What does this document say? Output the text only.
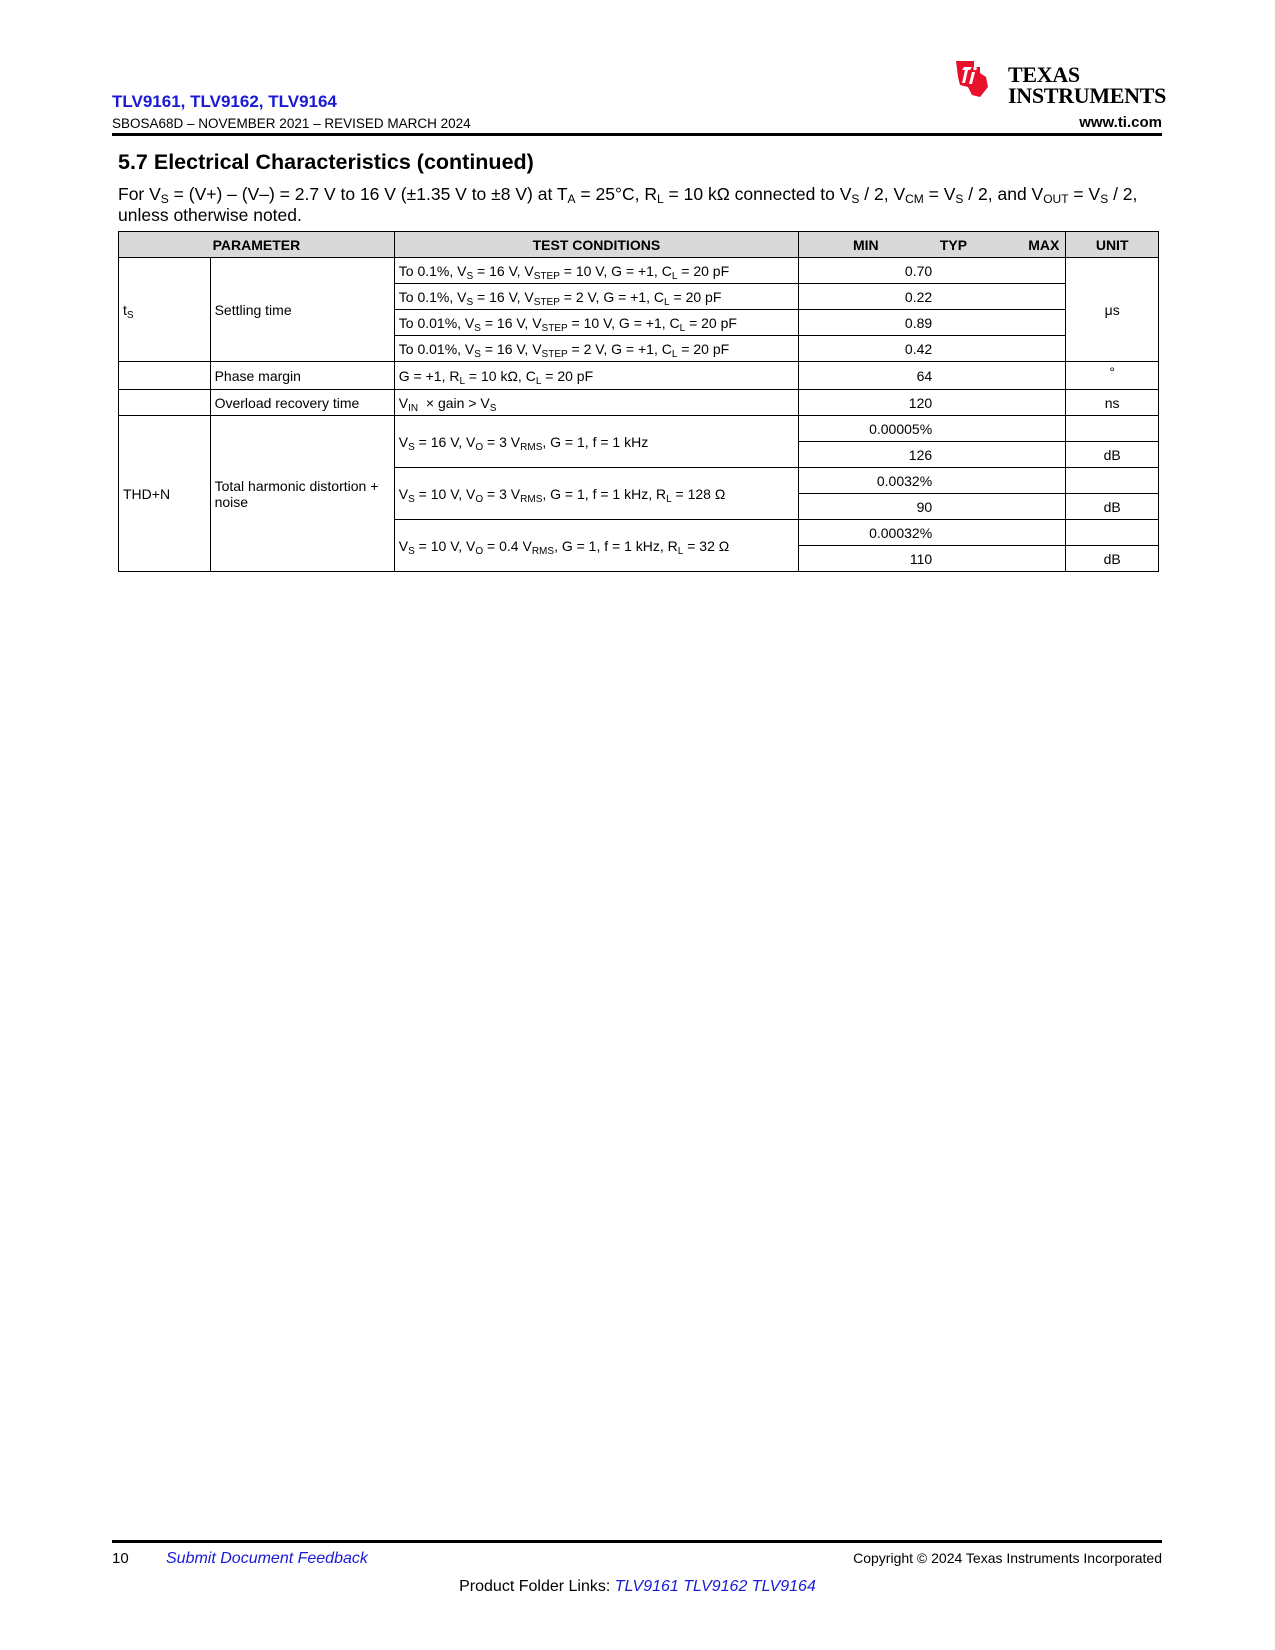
TLV9161, TLV9162, TLV9164
SBOSA68D – NOVEMBER 2021 – REVISED MARCH 2024	www.ti.com
TEXAS
INSTRUMENTS
5.7 Electrical Characteristics (continued)
For $V_S = (V+) - (V-) = 2.7$ V to 16 V (±1.35 V to ±8 V) at $T_A = 25^\circ C$, $R_L = 10$ kΩ connected to $V_S / 2$, $V_{CM} = V_S / 2$, and $V_{OUT} = V_S / 2$, unless otherwise noted.
PARAMETER		TEST CONDITIONS	MIN TYP MAX	UNIT
$t_S$	Settling time	To 0.1%, $V_S = 16$ V, $V_{STEP} = 10$ V, G = +1, $C_L = 20$ pF	0.70	μs
		To 0.1%, $V_S = 16$ V, $V_{STEP} = 2$ V, G = +1, $C_L = 20$ pF	0.22	
		To 0.01%, $V_S = 16$ V, $V_{STEP} = 10$ V, G = +1, $C_L = 20$ pF	0.89	
		To 0.01%, $V_S = 16$ V, $V_{STEP} = 2$ V, G = +1, $C_L = 20$ pF	0.42	
	Phase margin	G = +1, $R_L = 10$ kΩ, $C_L = 20$ pF	64	°
	Overload recovery time	$V_{IN}$  × gain > $V_S$	120	ns
THD+N	Total harmonic distortion + noise	$V_S = 16$ V, $V_O = 3$ $V_{RMS}$, G = 1, f = 1 kHz	0.00005%	
			126	dB
		$V_S = 10$ V, $V_O = 3$ $V_{RMS}$, G = 1, f = 1 kHz, $R_L = 128$ Ω	0.0032%	
			90	dB
		$V_S = 10$ V, $V_O = 0.4$ $V_{RMS}$, G = 1, f = 1 kHz, $R_L = 32$ Ω	0.00032%	
			110	dB
10 Submit Document Feedback	Copyright © 2024 Texas Instruments Incorporated
Product Folder Links: TLV9161 TLV9162 TLV9164
